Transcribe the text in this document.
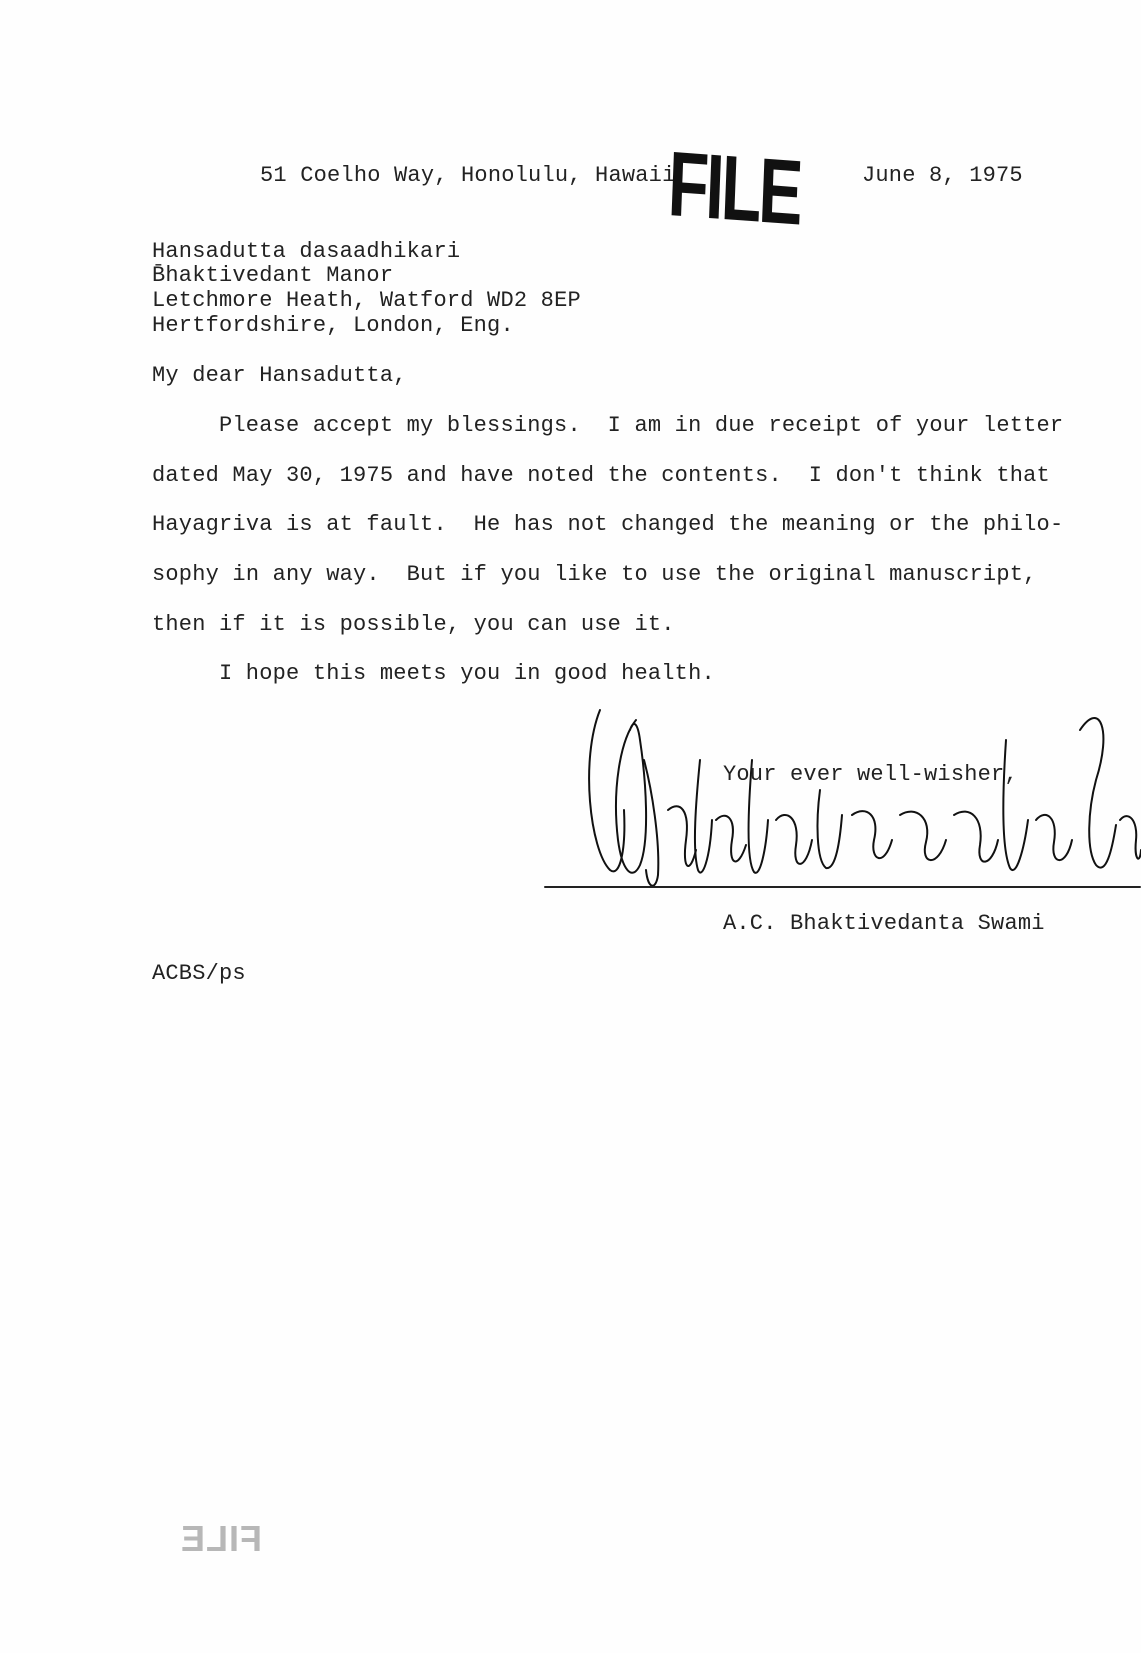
51 Coelho Way, Honolulu, Hawaii
FILE	June 8, 1975
Hansadutta dasaadhikari
B̄haktivedant Manor
Letchmore Heath, Watford WD2 8EP
Hertfordshire, London, Eng.
My dear Hansadutta,
Please accept my blessings.  I am in due receipt of your letter
dated May 30, 1975 and have noted the contents.  I don't think that
Hayagriva is at fault.  He has not changed the meaning or the philo-
sophy in any way.  But if you like to use the original manuscript,
then if it is possible, you can use it.
I hope this meets you in good health.
Your ever well-wisher,
A.C. Bhaktivedanta Swami
ACBS/ps
FILE
